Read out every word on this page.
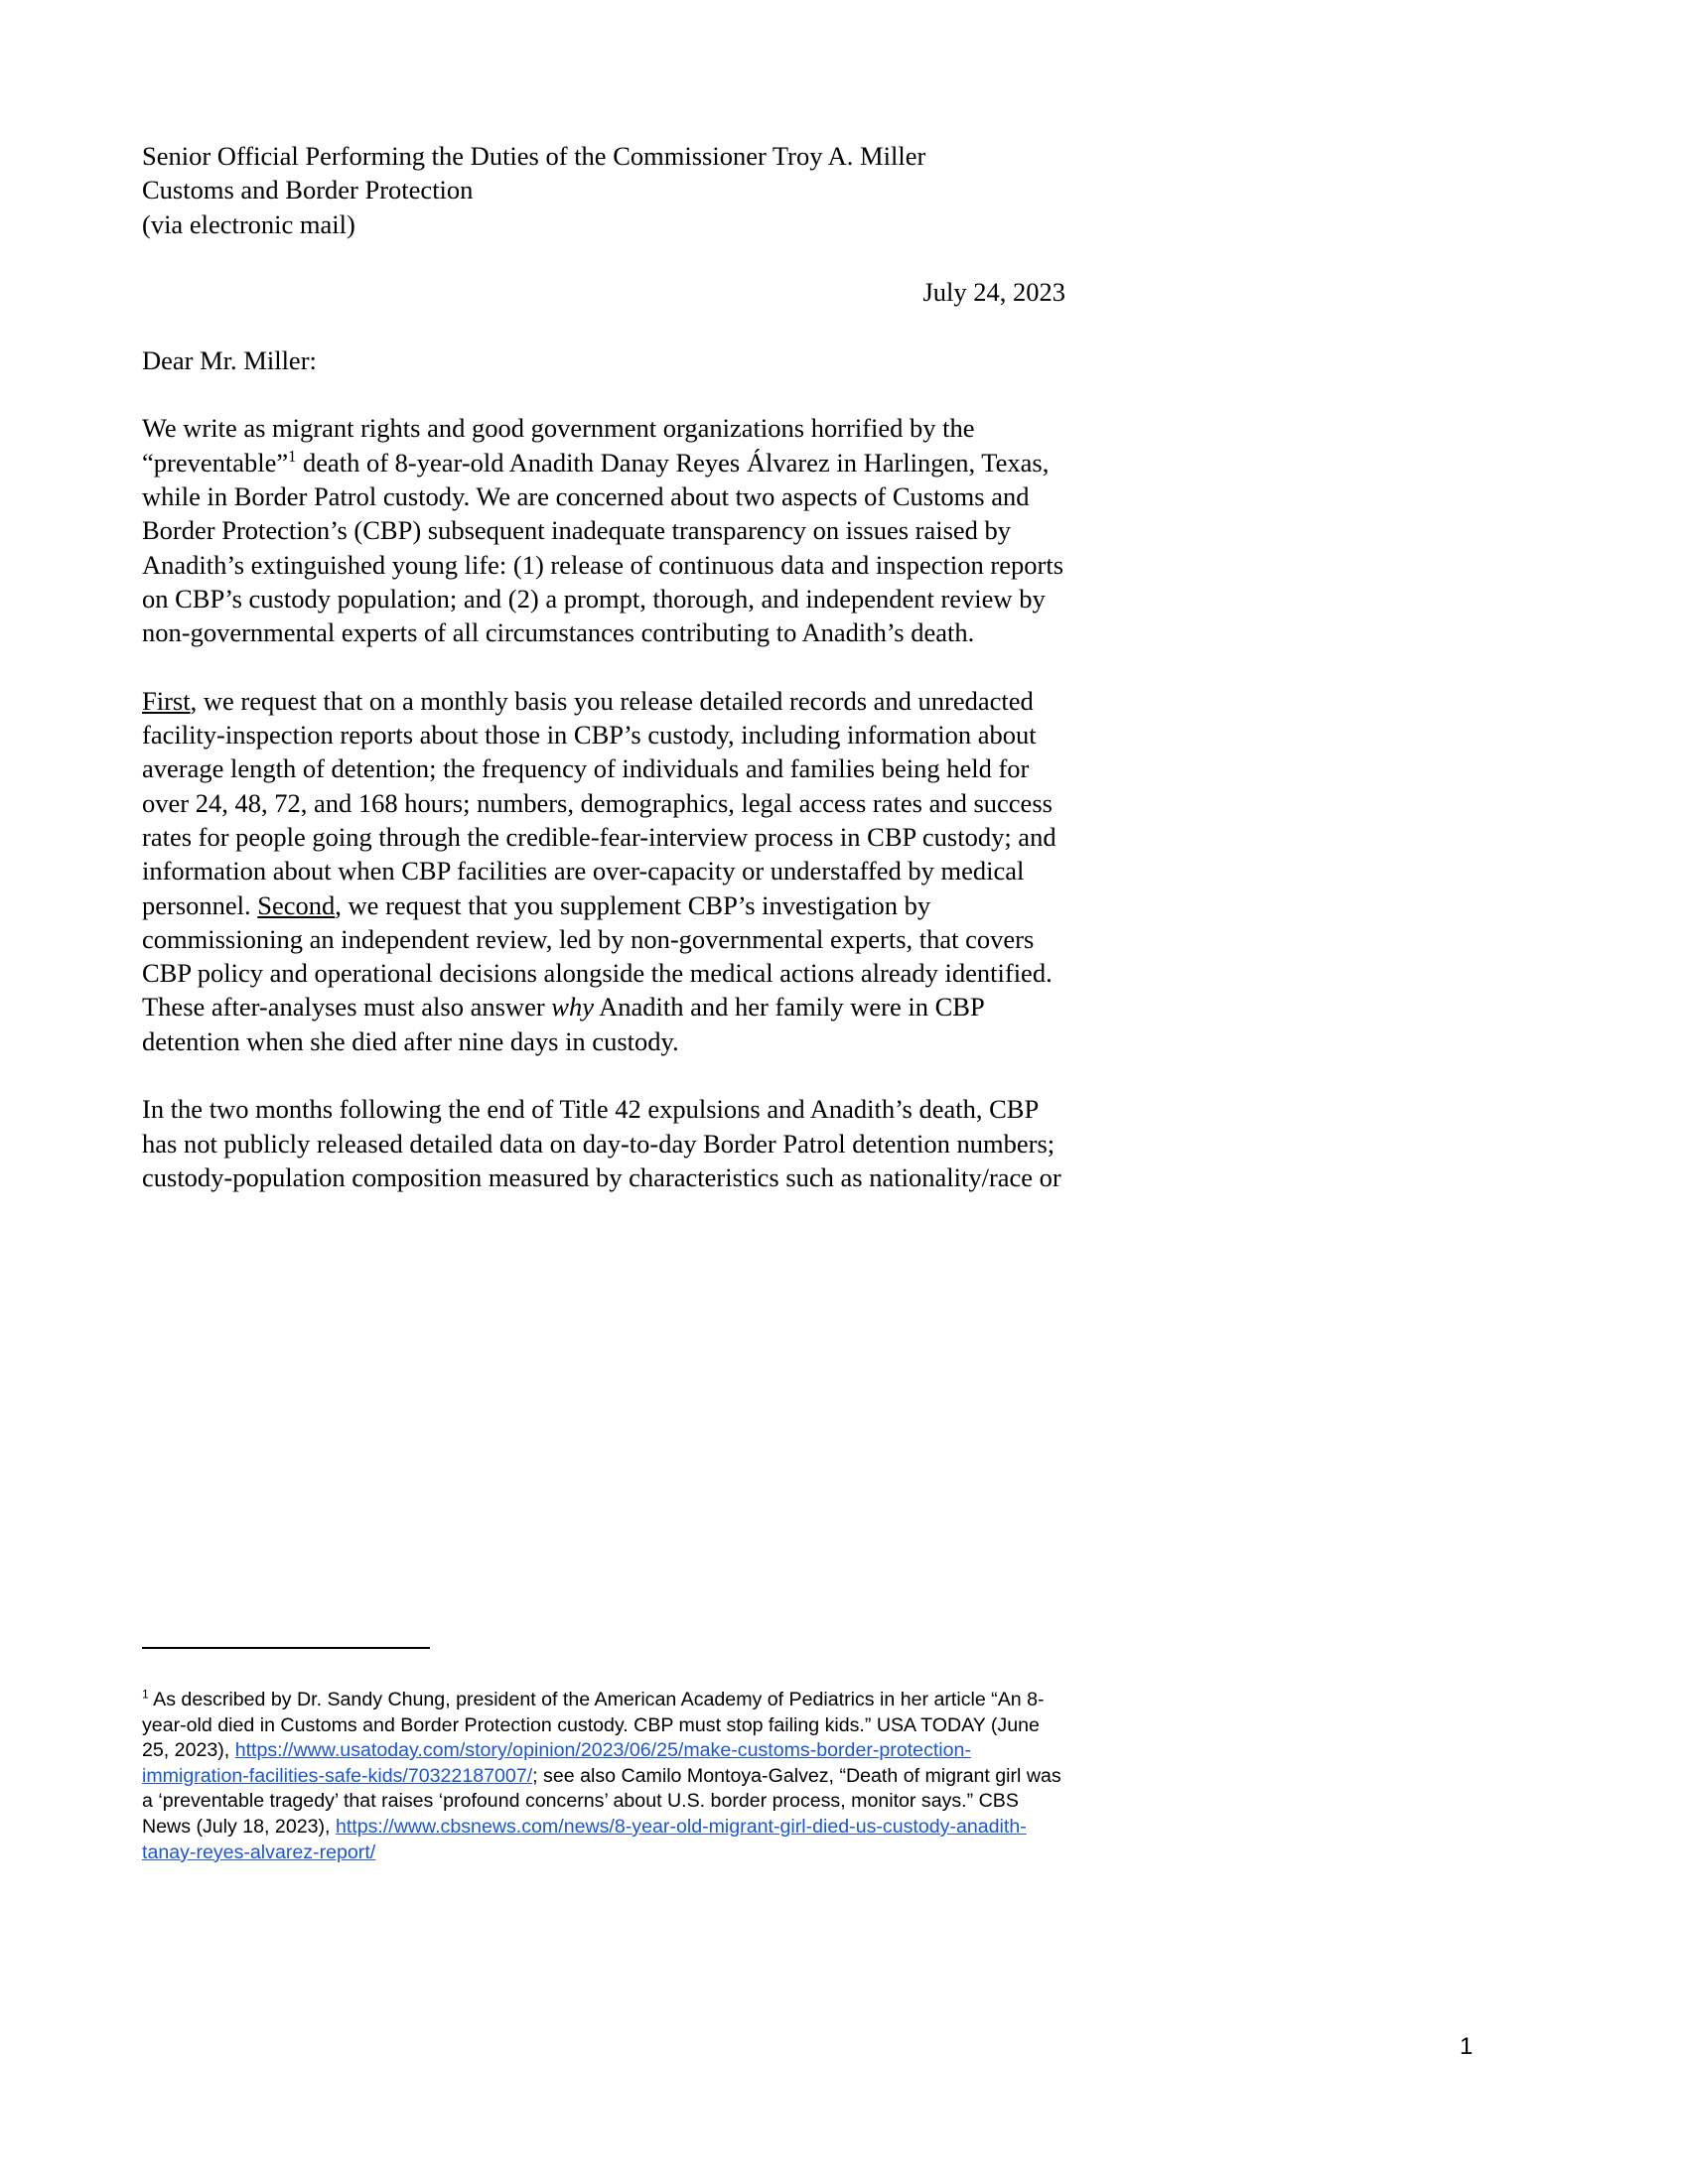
Senior Official Performing the Duties of the Commissioner Troy A. Miller
Customs and Border Protection
(via electronic mail)
July 24, 2023
Dear Mr. Miller:

We write as migrant rights and good government organizations horrified by the “preventable”$^1$ death of 8-year-old Anadith Danay Reyes Álvarez in Harlingen, Texas, while in Border Patrol custody. We are concerned about two aspects of Customs and Border Protection’s (CBP) subsequent inadequate transparency on issues raised by Anadith’s extinguished young life: (1) release of continuous data and inspection reports on CBP’s custody population; and (2) a prompt, thorough, and independent review by non-governmental experts of all circumstances contributing to Anadith’s death.

First, we request that on a monthly basis you release detailed records and unredacted facility-inspection reports about those in CBP’s custody, including information about average length of detention; the frequency of individuals and families being held for over 24, 48, 72, and 168 hours; numbers, demographics, legal access rates and success rates for people going through the credible-fear-interview process in CBP custody; and information about when CBP facilities are over-capacity or understaffed by medical personnel. Second, we request that you supplement CBP’s investigation by commissioning an independent review, led by non-governmental experts, that covers CBP policy and operational decisions alongside the medical actions already identified. These after-analyses must also answer why Anadith and her family were in CBP detention when she died after nine days in custody.

In the two months following the end of Title 42 expulsions and Anadith’s death, CBP has not publicly released detailed data on day-to-day Border Patrol detention numbers; custody-population composition measured by characteristics such as nationality/race or

$^1$ As described by Dr. Sandy Chung, president of the American Academy of Pediatrics in her article “An 8-year-old died in Customs and Border Protection custody. CBP must stop failing kids.” USA TODAY (June 25, 2023), https://www.usatoday.com/story/opinion/2023/06/25/make-customs-border-protection-immigration-facilities-safe-kids/70322187007/; see also Camilo Montoya-Galvez, “Death of migrant girl was a ‘preventable tragedy’ that raises ‘profound concerns’ about U.S. border process, monitor says.” CBS News (July 18, 2023), https://www.cbsnews.com/news/8-year-old-migrant-girl-died-us-custody-anadith-tanay-reyes-alvarez-report/
1
